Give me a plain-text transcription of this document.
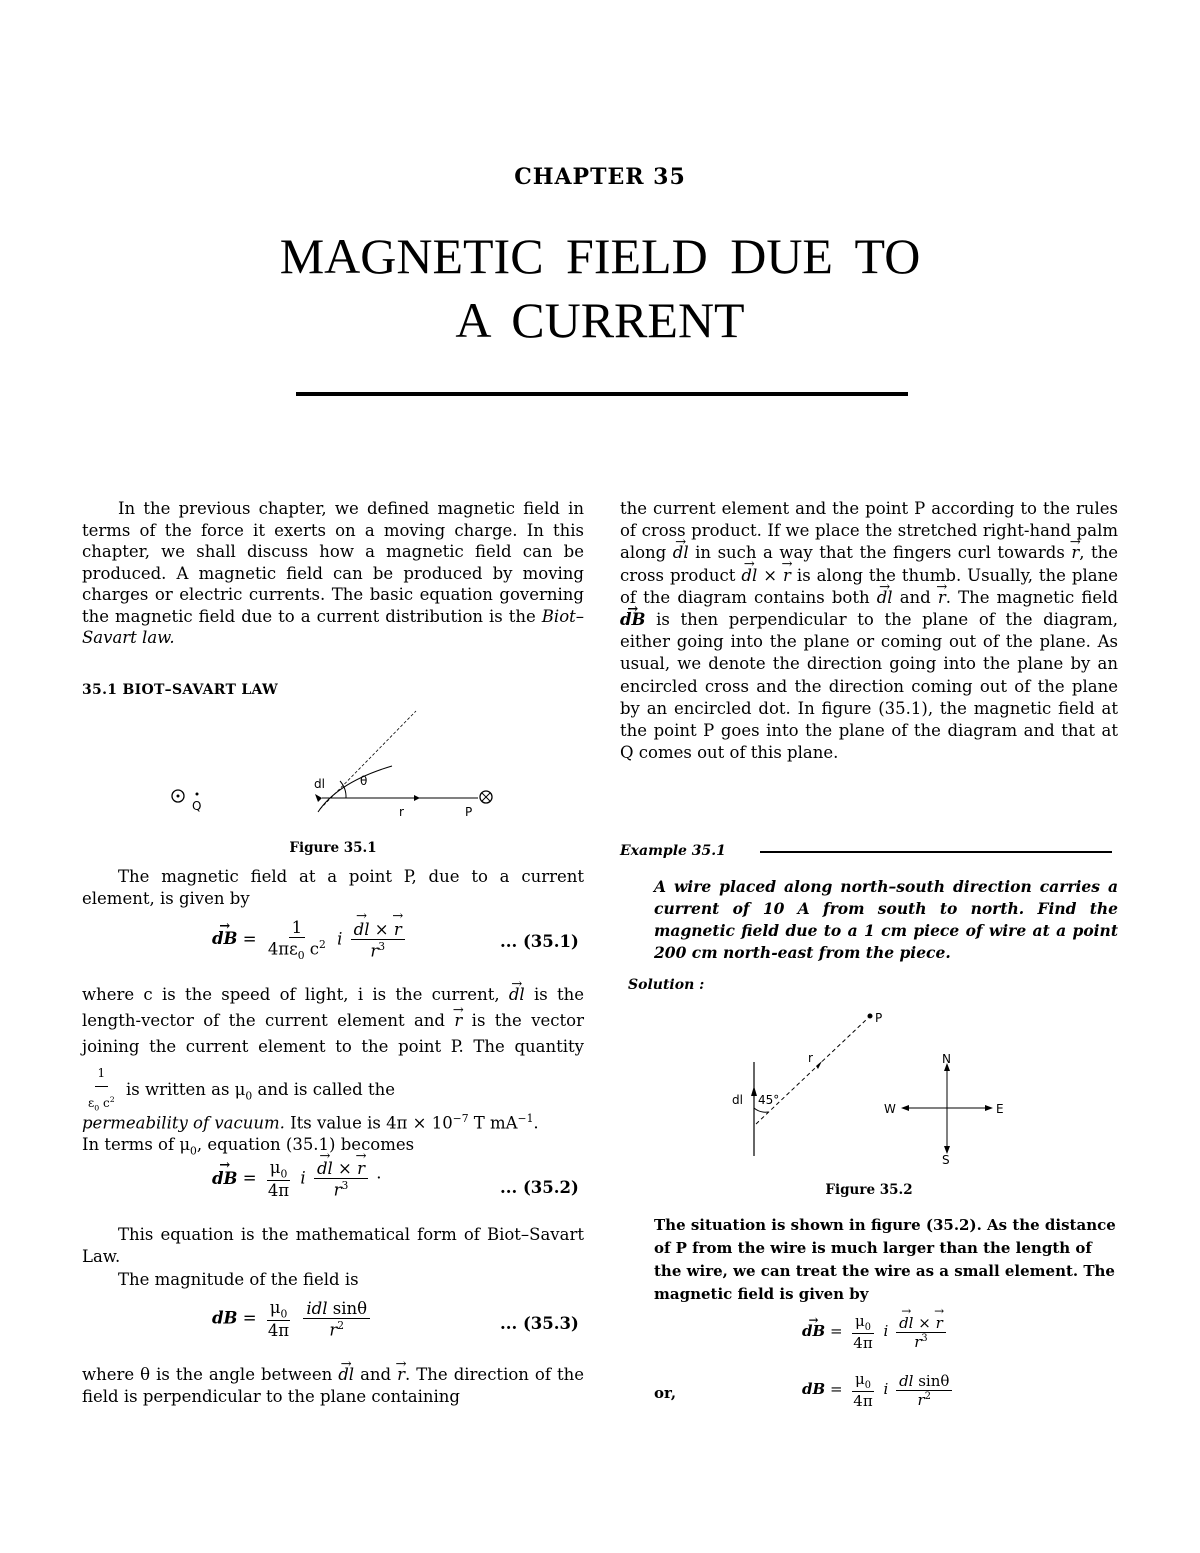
CHAPTER 35
MAGNETIC FIELD DUE TO
A CURRENT

In the previous chapter, we defined magnetic field in terms of the force it exerts on a moving charge. In this chapter, we shall discuss how a magnetic field can be produced. A magnetic field can be produced by moving charges or electric currents. The basic equation governing the magnetic field due to a current distribution is the Biot–Savart law.

35.1 BIOT–SAVART LAW
Q
θ
dl
r	P
Figure 35.1

The magnetic field at a point P, due to a current element, is given by

→ dB = $\frac{1}{4\pi\varepsilon_0 c^2}$ i
→ $\frac{dl \times \to r}{r^3}$	... (35.1)

where c is the speed of light, i is the current, → dl is the length-vector of the current element and → r is the vector joining the current element to the point P. The quantity
$\frac{1}{\varepsilon_0 c^2}$ is written as $\mu_0$ and is called the

permeability of vacuum. Its value is $4\pi \times 10^{-7}$ T $mA^{-1}$.

In terms of $\mu_0$, equation (35.1) becomes

→ dB = $\frac{\mu_0}{4\pi}$ i
→ $\frac{dl \times \to r}{r^3}$ ·	... (35.2)

This equation is the mathematical form of Biot–Savart Law.

The magnitude of the field is

dB = $\frac{\mu_0}{4\pi}$
$\frac{\text{idl sinθ}}{r^2}$	... (35.3)

where θ is the angle between → dl and → r. The direction of the field is perpendicular to the plane containing

the current element and the point P according to the rules of cross product. If we place the stretched right-hand palm along → dl in such a way that the fingers curl towards → r, the cross product → dl × → r is along the thumb. Usually, the plane of the diagram contains both → dl and → r. The magnetic field → dB is then perpendicular to the plane of the diagram, either going into the plane or coming out of the plane. As usual, we denote the direction going into the plane by an encircled cross and the direction coming out of the plane by an encircled dot. In figure (35.1), the magnetic field at the point P goes into the plane of the diagram and that at Q comes out of this plane.

Example 35.1
A wire placed along north–south direction carries a current of 10 A from south to north. Find the magnetic field due to a 1 cm piece of wire at a point 200 cm north-east from the piece.
Solution :
P
r
45°
dl
N
S
E
W
Figure 35.2
The situation is shown in figure (35.2). As the distance of P from the wire is much larger than the length of the wire, we can treat the wire as a small element. The magnetic field is given by
→ dB = $\frac{\mu_0}{4\pi}$ i
→ $\frac{dl \times \to r}{r^3}$
or,	dB = $\frac{\mu_0}{4\pi}$ i $\frac{\text{dl sinθ}}{r^2}$
